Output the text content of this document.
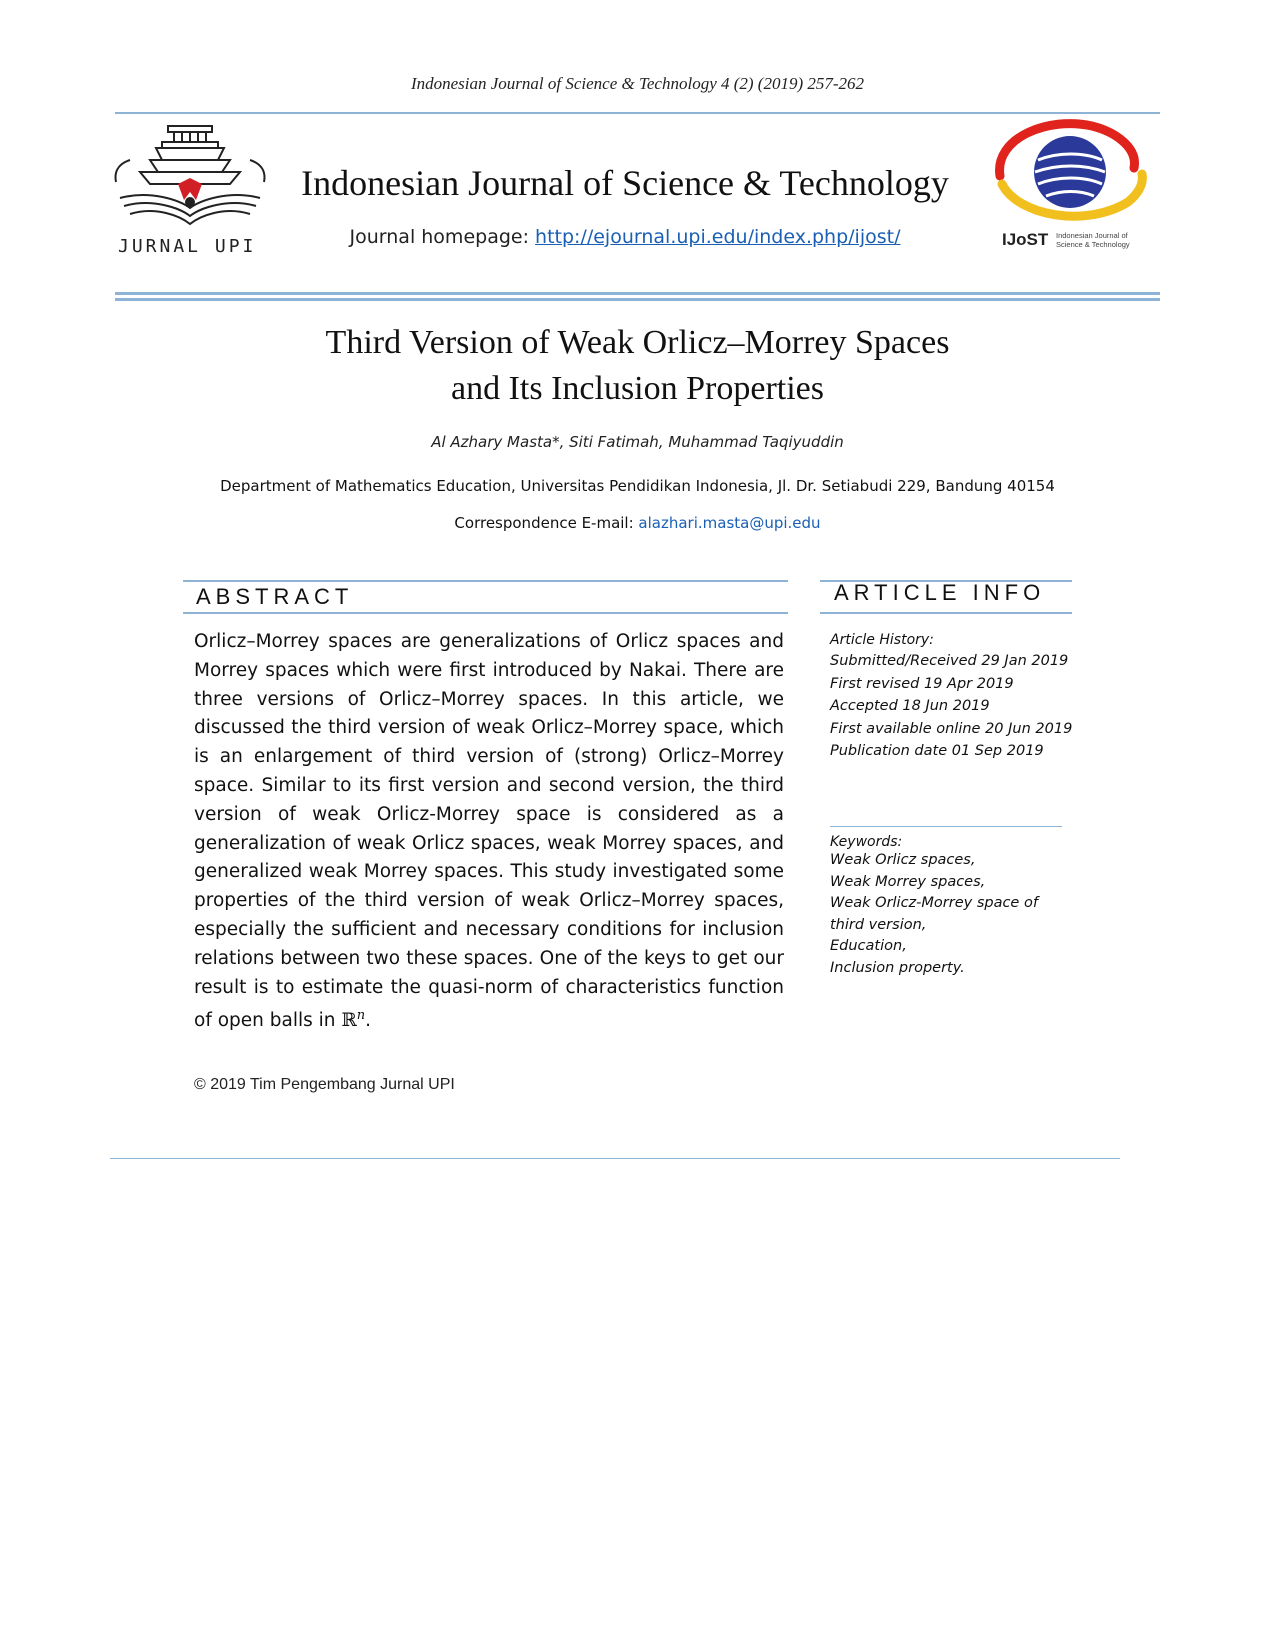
Indonesian Journal of Science & Technology 4 (2) (2019) 257-262
JURNAL UPI
Indonesian Journal of Science & Technology
Journal homepage: http://ejournal.upi.edu/index.php/ijost/	IJoST Indonesian Journal of
Science & Technology
Third Version of Weak Orlicz–Morrey Spaces
and Its Inclusion Properties
Al Azhary Masta*, Siti Fatimah, Muhammad Taqiyuddin
Department of Mathematics Education, Universitas Pendidikan Indonesia, Jl. Dr. Setiabudi 229, Bandung 40154
Correspondence E-mail: alazhari.masta@upi.edu
ABSTRACT

Orlicz–Morrey spaces are generalizations of Orlicz spaces and Morrey spaces which were first introduced by Nakai. There are three versions of Orlicz–Morrey spaces. In this article, we discussed the third version of weak Orlicz–Morrey space, which is an enlargement of third version of (strong) Orlicz–Morrey space. Similar to its first version and second version, the third version of weak Orlicz-Morrey space is considered as a generalization of weak Orlicz spaces, weak Morrey spaces, and generalized weak Morrey spaces. This study investigated some properties of the third version of weak Orlicz–Morrey spaces, especially the sufficient and necessary conditions for inclusion relations between two these spaces. One of the keys to get our result is to estimate the quasi-norm of characteristics function of open balls in ℝ$^n$.

ARTICLE INFO
Article History:
Submitted/Received 29 Jan 2019
First revised 19 Apr 2019
Accepted 18 Jun 2019
First available online 20 Jun 2019
Publication date 01 Sep 2019
Keywords:
Weak Orlicz spaces,
Weak Morrey spaces,
Weak Orlicz-Morrey space of
third version,
Education,
Inclusion property.
© 2019 Tim Pengembang Jurnal UPI
